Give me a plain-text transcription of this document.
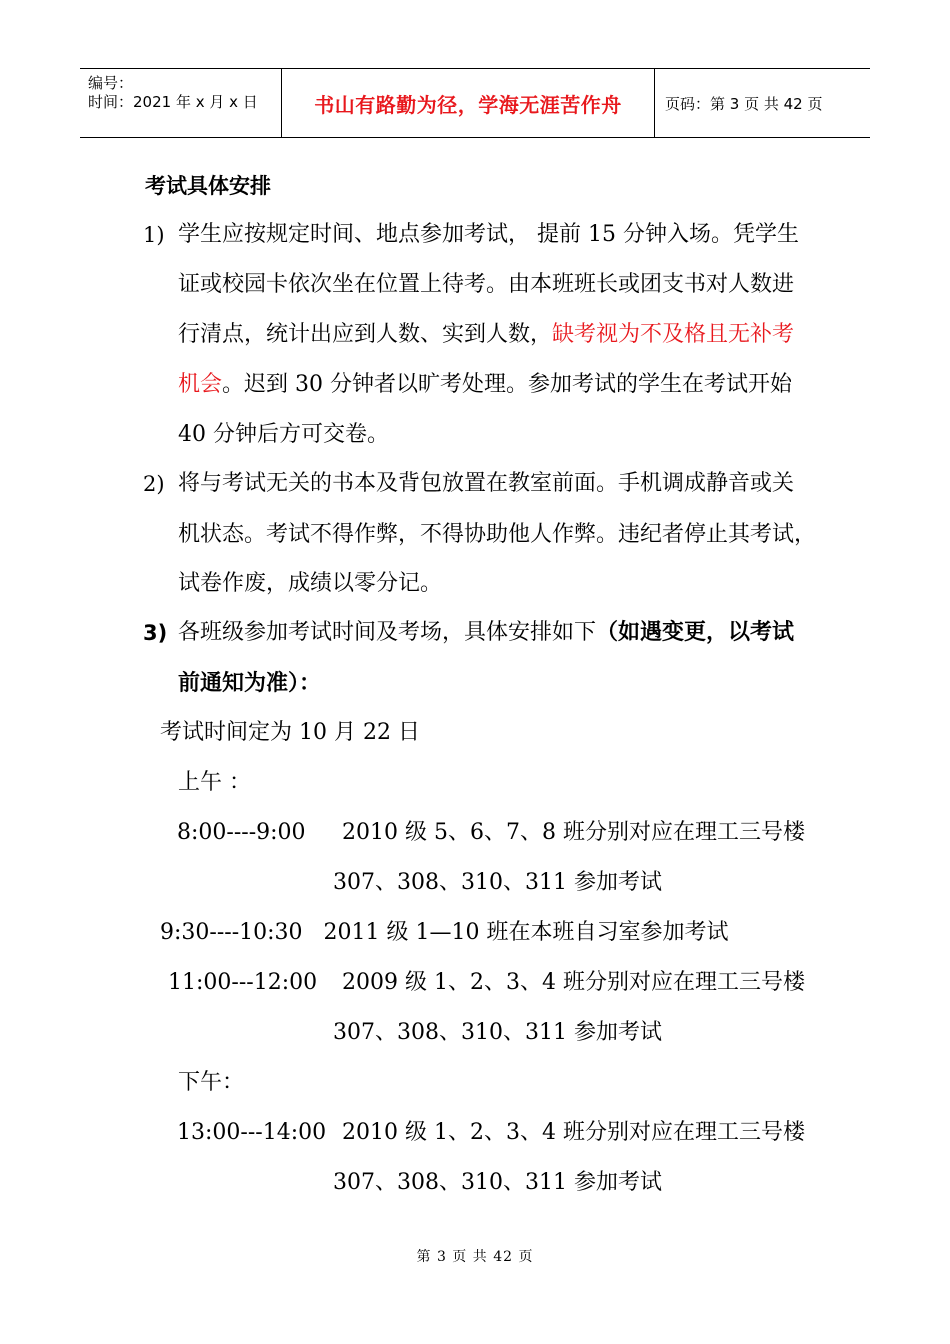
编号：
时间：2021 年 x 月 x 日	书山有路勤为径，学海无涯苦作舟	页码：第 3 页 共 42 页
考试具体安排
1) 学生应按规定时间、地点参加考试， 提前 15 分钟入场。凭学生
证或校园卡依次坐在位置上待考。由本班班长或团支书对人数进
行清点，统计出应到人数、实到人数，缺考视为不及格且无补考
机会。迟到 30 分钟者以旷考处理。参加考试的学生在考试开始
40 分钟后方可交卷。
2) 将与考试无关的书本及背包放置在教室前面。手机调成静音或关
机状态。考试不得作弊，不得协助他人作弊。违纪者停止其考试，
试卷作废，成绩以零分记。
3) 各班级参加考试时间及考场，具体安排如下（如遇变更，以考试
前通知为准）：
考试时间定为 10 月 22 日
上午 ：
8:00----9:00 2010 级 5、6、7、8 班分别对应在理工三号楼
307、308、310、311 参加考试
9:30----10:30 2011 级 1—10 班在本班自习室参加考试
11:00---12:00 2009 级 1、2、3、4 班分别对应在理工三号楼
307、308、310、311 参加考试
下午：
13:00---14:00 2010 级 1、2、3、4 班分别对应在理工三号楼
307、308、310、311 参加考试
第 3 页 共 42 页
